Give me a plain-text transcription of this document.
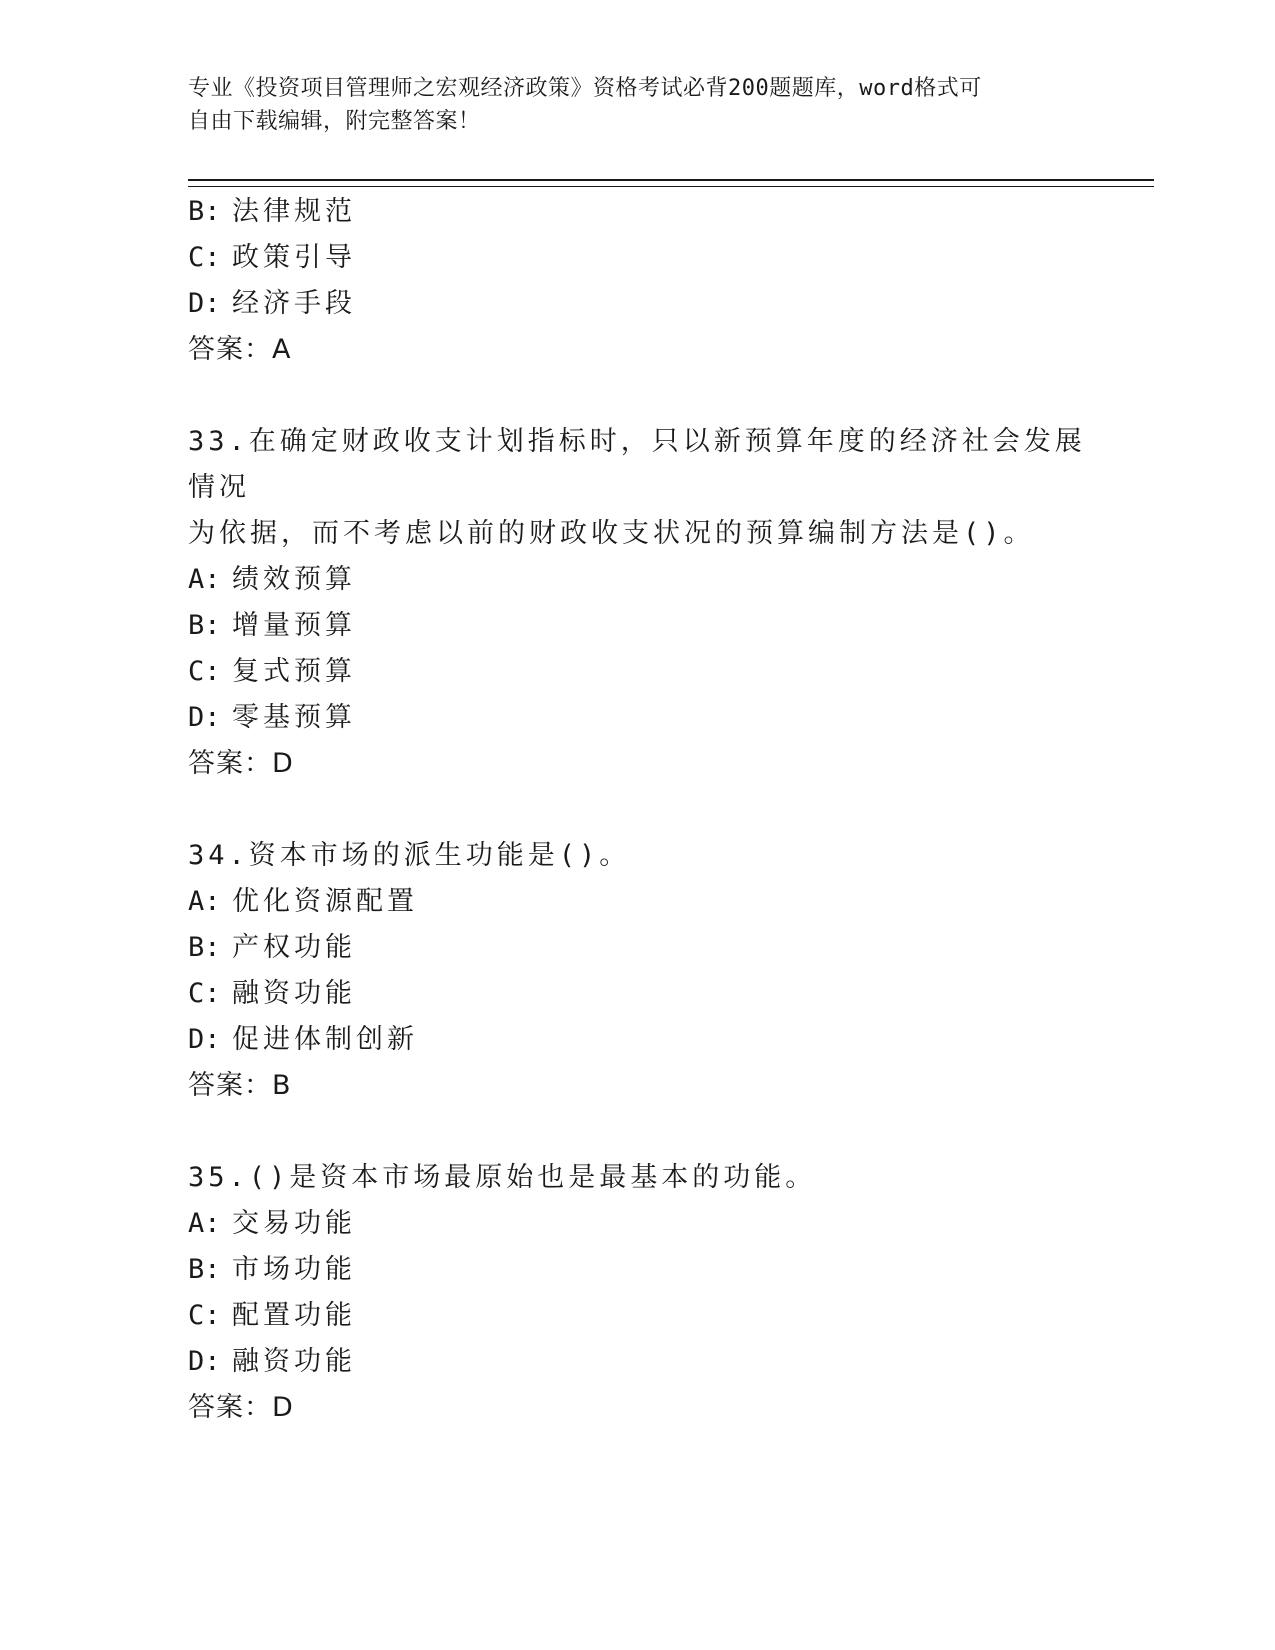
专业《投资项目管理师之宏观经济政策》资格考试必背200题题库，word格式可
自由下载编辑，附完整答案！
B: 法律规范
C: 政策引导
D: 经济手段
答案：A
33.在确定财政收支计划指标时，只以新预算年度的经济社会发展情况
为依据，而不考虑以前的财政收支状况的预算编制方法是()。
A: 绩效预算
B: 增量预算
C: 复式预算
D: 零基预算
答案：D
34.资本市场的派生功能是()。
A: 优化资源配置
B: 产权功能
C: 融资功能
D: 促进体制创新
答案：B
35.()是资本市场最原始也是最基本的功能。
A: 交易功能
B: 市场功能
C: 配置功能
D: 融资功能
答案：D
